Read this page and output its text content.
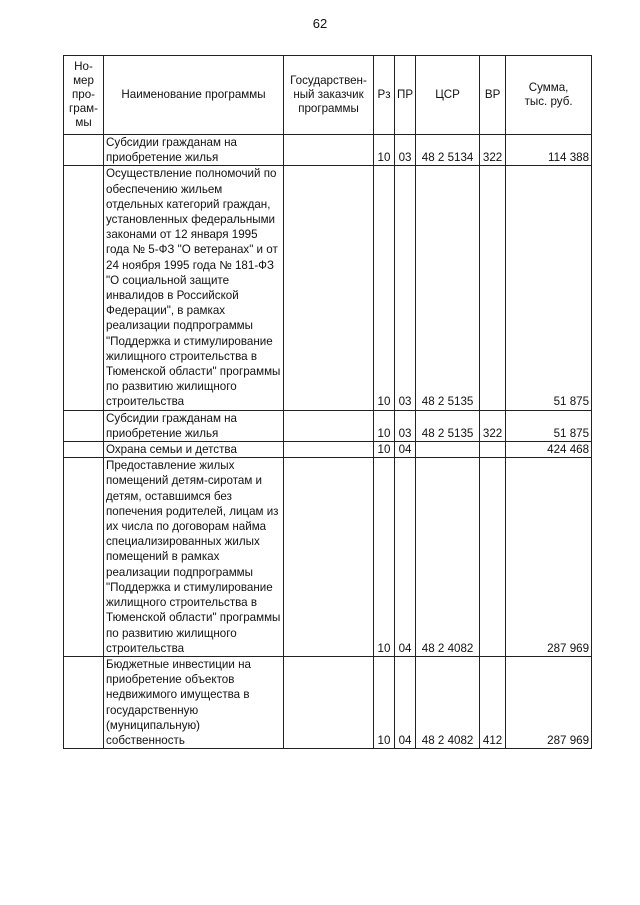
62
Но-
мер
про-
грам-
мы	Наименование программы	Государствен-
ный заказчик
программы	Рз	ПР	ЦСР	ВР	Сумма,
тыс. руб.
	Субсидии гражданам на приобретение жилья		10	03	48 2 5134	322	114 388
	Осуществление полномочий по обеспечению жильем отдельных категорий граждан, установленных федеральными законами от 12 января 1995 года № 5-ФЗ "О ветеранах" и от 24 ноября 1995 года № 181-ФЗ "О социальной защите инвалидов в Российской Федерации", в рамках реализации подпрограммы "Поддержка и стимулирование жилищного строительства в Тюменской области" программы по развитию жилищного строительства		10	03	48 2 5135		51 875
	Субсидии гражданам на приобретение жилья		10	03	48 2 5135	322	51 875
	Охрана семьи и детства		10	04			424 468
	Предоставление жилых помещений детям-сиротам и детям, оставшимся без попечения родителей, лицам из их числа по договорам найма специализированных жилых помещений в рамках реализации подпрограммы "Поддержка и стимулирование жилищного строительства в Тюменской области" программы по развитию жилищного строительства		10	04	48 2 4082		287 969
	Бюджетные инвестиции на приобретение объектов недвижимого имущества в государственную (муниципальную) собственность		10	04	48 2 4082	412	287 969
